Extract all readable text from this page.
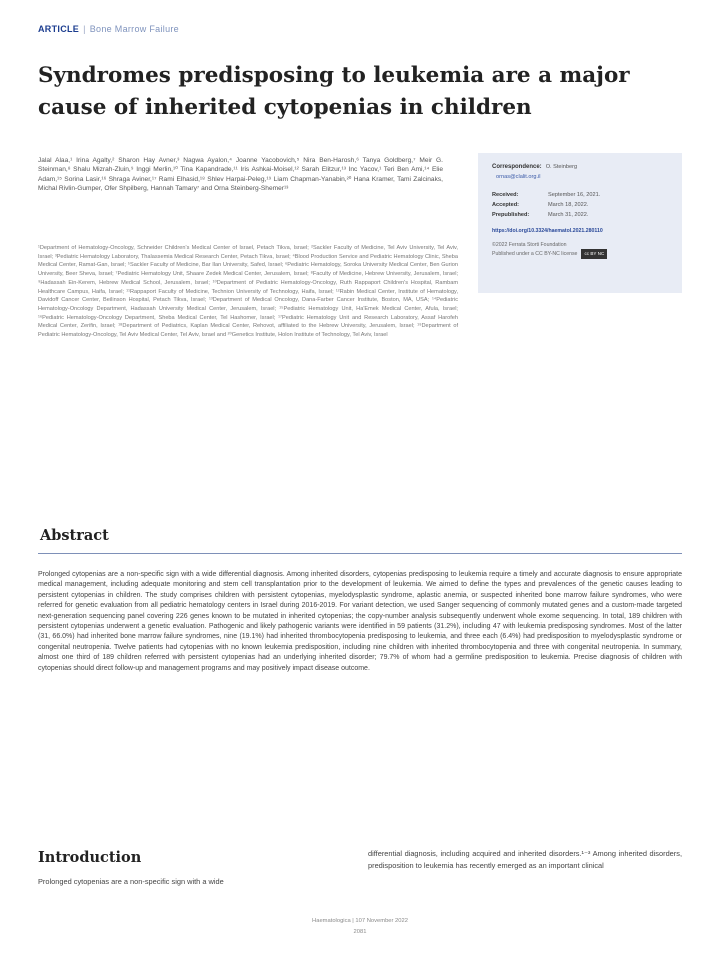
ARTICLE | Bone Marrow Failure
Syndromes predisposing to leukemia are a major cause of inherited cytopenias in children
Jalal Alaa,¹ Irina Agalty,² Sharon Hay Avner,³ Nagwa Ayalon,⁴ Joanne Yacobovich,⁵ Nira Ben-Harosh,⁶ Tanya Goldberg,⁷ Meir G. Steinman,⁸ Shalu Mizrah-Zluin,⁹ Inggi Merlin,¹⁰ Tina Kapandrade,¹¹ Iris Ashkai-Moisel,¹² Sarah Elitzur,¹³ Inc Yacov,¹ Teri Ben Ami,¹⁴ Elie Adam,¹⁵ Sorina Lasir,¹⁶ Shraga Aviner,¹⁷ Rami Elhasid,¹⁸ Shlev Harpai-Peleg,¹⁹ Liam Chapman-Yanabin,²⁰ Hana Kramer, Tami Zalcinaks, Michal Rivlin-Gumper, Ofer Shpilberg, Hannah Tamary⁷ and Orna Steinberg-Shemer¹³
¹Department of Hematology-Oncology, Schneider Children's Medical Center of Israel, Petach Tikva, Israel; ²Sackler Faculty of Medicine, Tel Aviv University, Tel Aviv, Israel; ³Pediatric Hematology Laboratory, Thalassemia Medical Research Center, Petach Tikva, Israel; ⁴Blood Production Service and Pediatric Hematology Clinic, Sheba Medical Center, Ramat-Gan, Israel; ⁵Sackler Faculty of Medicine, Bar Ilan University, Safed, Israel; ⁶Pediatric Hematology, Soroka University Medical Center, Ben Gurion University, Beer Sheva, Israel; ⁷Pediatric Hematology Unit, Shaare Zedek Medical Center, Jerusalem, Israel; ⁸Faculty of Medicine, Hebrew University, Jerusalem, Israel; ⁹Hadassah Ein-Kerem, Hebrew Medical School, Jerusalem, Israel; ¹⁰Department of Pediatric Hematology-Oncology, Ruth Rappaport Children's Hospital, Rambam Healthcare Campus, Haifa, Israel; ¹¹Rappaport Faculty of Medicine, Technion University of Technology, Haifa, Israel; ¹²Rabin Medical Center, Institute of Hematology, Davidoff Cancer Center, Beilinson Hospital, Petach Tikva, Israel; ¹³Department of Medical Oncology, Dana-Farber Cancer Institute, Boston, MA, USA; ¹⁴Pediatric Hematology-Oncology Department, Hadassah University Medical Center, Jerusalem, Israel; ¹⁵Pediatric Hematology Unit, Ha'Emek Medical Center, Afula, Israel; ¹⁶Pediatric Hematology-Oncology Department, Sheba Medical Center, Tel Hashomer, Israel; ¹⁷Pediatric Hematology Unit and Research Laboratory, Assaf Harofeh Medical Center, Zerifin, Israel; ¹⁸Department of Pediatrics, Kaplan Medical Center, Rehovot, affiliated to the Hebrew University, Jerusalem, Israel; ¹⁹Department of Pediatric Hematology-Oncology, Tel Aviv Medical Center, Tel Aviv, Israel and ²⁰Genetics Institute, Holon Institute of Technology, Tel Aviv, Israel
Correspondence: O. Steinberg
ornas@clalit.org.il
Received:	September 16, 2021.
Accepted:	March 18, 2022.
Prepublished:	March 31, 2022.
https://doi.org/10.3324/haematol.2021.280110
©2022 Ferrata Storti Foundation
Published under a CC BY-NC license cc BY NC
Abstract

Prolonged cytopenias are a non-specific sign with a wide differential diagnosis. Among inherited disorders, cytopenias predisposing to leukemia require a timely and accurate diagnosis to ensure appropriate medical management, including adequate monitoring and stem cell transplantation prior to the development of leukemia. We aimed to define the types and prevalences of the genetic causes leading to persistent cytopenias in children. The study comprises children with persistent cytopenias, myelodysplastic syndrome, aplastic anemia, or suspected inherited bone marrow failure syndromes, who were referred for genetic evaluation from all pediatric hematology centers in Israel during 2016-2019. For variant detection, we used Sanger sequencing of commonly mutated genes and a custom-made targeted next-generation sequencing panel covering 226 genes known to be mutated in inherited cytopenias; the copy-number analysis subsequently underwent whole exome sequencing. In total, 189 children with persistent cytopenias underwent a genetic evaluation. Pathogenic and likely pathogenic variants were identified in 59 patients (31.2%), including 47 with leukemia predisposing syndromes. Most of the latter (31, 66.0%) had inherited bone marrow failure syndromes, nine (19.1%) had inherited thrombocytopenia predisposing to leukemia, and three each (6.4%) had predisposition to myelodysplastic syndrome or congenital neutropenia. Twelve patients had cytopenias with no known leukemia predisposition, including nine children with inherited thrombocytopenia and three with congenital neutropenia. In summary, almost one third of 189 children referred with persistent cytopenias had an underlying inherited disorder; 79.7% of whom had a germline predisposition to leukemia. Precise diagnosis of children with cytopenias should direct follow-up and management programs and may positively impact disease outcome.

Introduction

Prolonged cytopenias are a non-specific sign with a wide

differential diagnosis, including acquired and inherited disorders.¹⁻³ Among inherited disorders, predisposition to leukemia has recently emerged as an important clinical

Haematologica | 107 November 2022
2081
